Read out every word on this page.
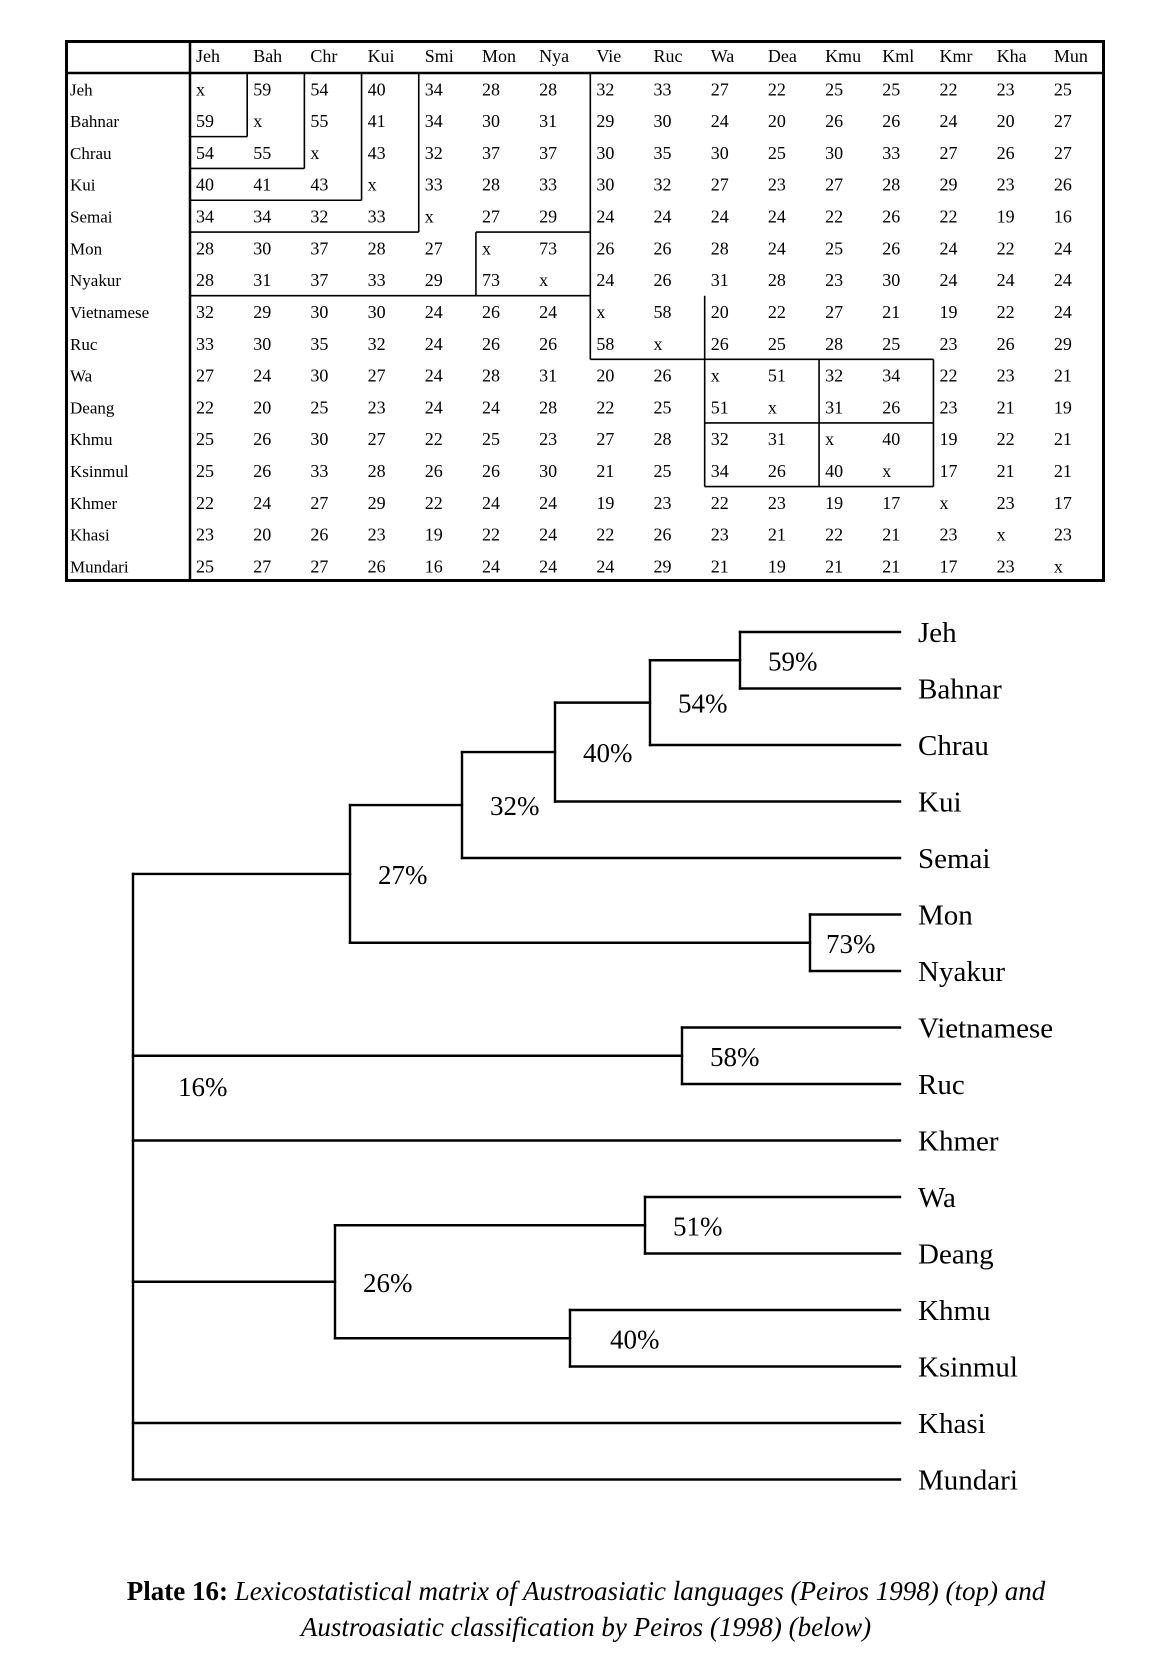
Jeh Bah Chr Kui Smi Mon Nya Vie Ruc Wa Dea Kmu Kml Kmr Kha Mun
Jeh	x	59 54 40 34 28 28 32 33 27 22 25 25 22 23 25
Bahnar	59 x	55 41 34 30 31 29 30 24 20 26 26 24 20 27
Chrau	54 55 x	43 32 37 37 30 35 30 25 30 33 27 26 27
Kui	40 41 43 x	33 28 33 30 32 27 23 27 28 29 23 26
Semai	34 34 32 33 x	27 29 24 24 24 24 22 26 22 19 16
Mon	28 30 37 28 27 x	73 26 26 28 24 25 26 24 22 24
Nyakur	28 31 37 33 29 73 x	24 26 31 28 23 30 24 24 24
Vietnamese	32 29 30 30 24 26 24 x	58 20 22 27 21 19 22 24
Ruc	33 30 35 32 24 26 26 58 x	26 25 28 25 23 26 29
Wa	27 24 30 27 24 28 31 20 26 x	51 32 34 22 23 21
Deang	22 20 25 23 24 24 28 22 25 51 x	31 26 23 21 19
Khmu	25 26 30 27 22 25 23 27 28 32 31 x	40 19 22 21
Ksinmul	25 26 33 28 26 26 30 21 25 34 26 40 x	17 21 21
Khmer	22 24 27 29 22 24 24 19 23 22 23 19 17 x	23 17
Khasi	23 20 26 23 19 22 24 22 26 23 21 22 21 23 x	23
Mundari	25 27 27 26 16 24 24 24 29 21 19 21 21 17 23 x
59%
54%
40%
32%
73%
27%
58%
51%
40%
26%
16%
Jeh
Bahnar
Chrau
Kui
Semai
Mon
Nyakur
Vietnamese
Ruc
Khmer
Wa
Deang
Khmu
Ksinmul
Khasi
Mundari
Plate 16: Lexicostatistical matrix of Austroasiatic languages (Peiros 1998) (top) and
Austroasiatic classification by Peiros (1998) (below)
